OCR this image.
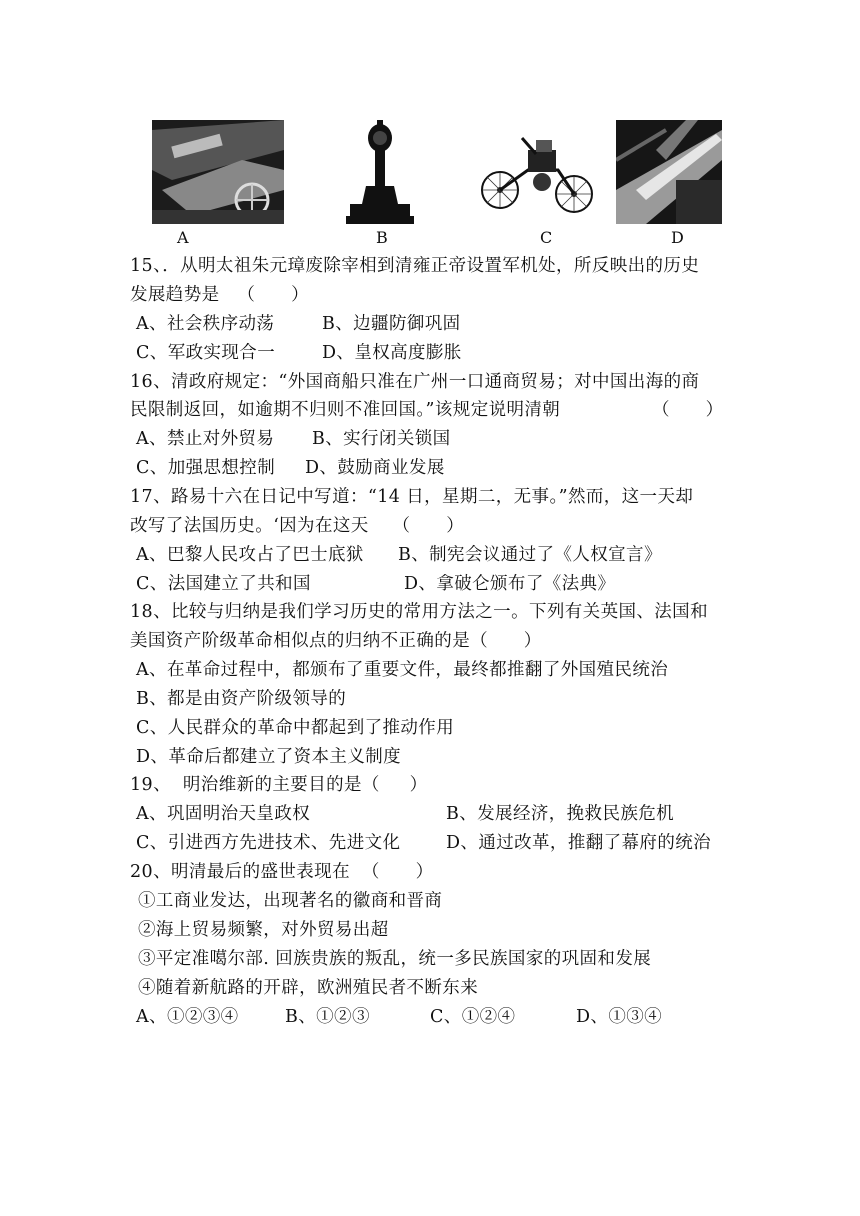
A	B	C	D
15、．从明太祖朱元璋废除宰相到清雍正帝设置军机处，所反映出的历史
发展趋势是   （      ）
A、社会秩序动荡	B、边疆防御巩固
C、军政实现合一	D、皇权高度膨胀
16、清政府规定：“外国商船只准在广州一口通商贸易；对中国出海的商
民限制返回，如逾期不归则不准回国。”该规定说明清朝	（      ）
A、禁止对外贸易 B、实行闭关锁国
C、加强思想控制 D、鼓励商业发展
17、路易十六在日记中写道：“14 日，星期二，无事。”然而，这一天却
改写了法国历史。‘因为在这天    （      ）
A、巴黎人民攻占了巴士底狱 B、制宪会议通过了《人权宣言》
C、法国建立了共和国	D、拿破仑颁布了《法典》
18、比较与归纳是我们学习历史的常用方法之一。下列有关英国、法国和
美国资产阶级革命相似点的归纳不正确的是（      ）
A、在革命过程中，都颁布了重要文件，最终都推翻了外国殖民统治
B、都是由资产阶级领导的
C、人民群众的革命中都起到了推动作用
D、革命后都建立了资本主义制度
19、  明治维新的主要目的是（     ）
A、巩固明治天皇政权	B、发展经济，挽救民族危机
C、引进西方先进技术、先进文化	D、通过改革，推翻了幕府的统治
20、明清最后的盛世表现在  （      ）
①工商业发达，出现著名的徽商和晋商
②海上贸易频繁，对外贸易出超
③平定准噶尔部. 回族贵族的叛乱，统一多民族国家的巩固和发展
④随着新航路的开辟，欧洲殖民者不断东来
A、①②③④	B、①②③	C、①②④	D、①③④
